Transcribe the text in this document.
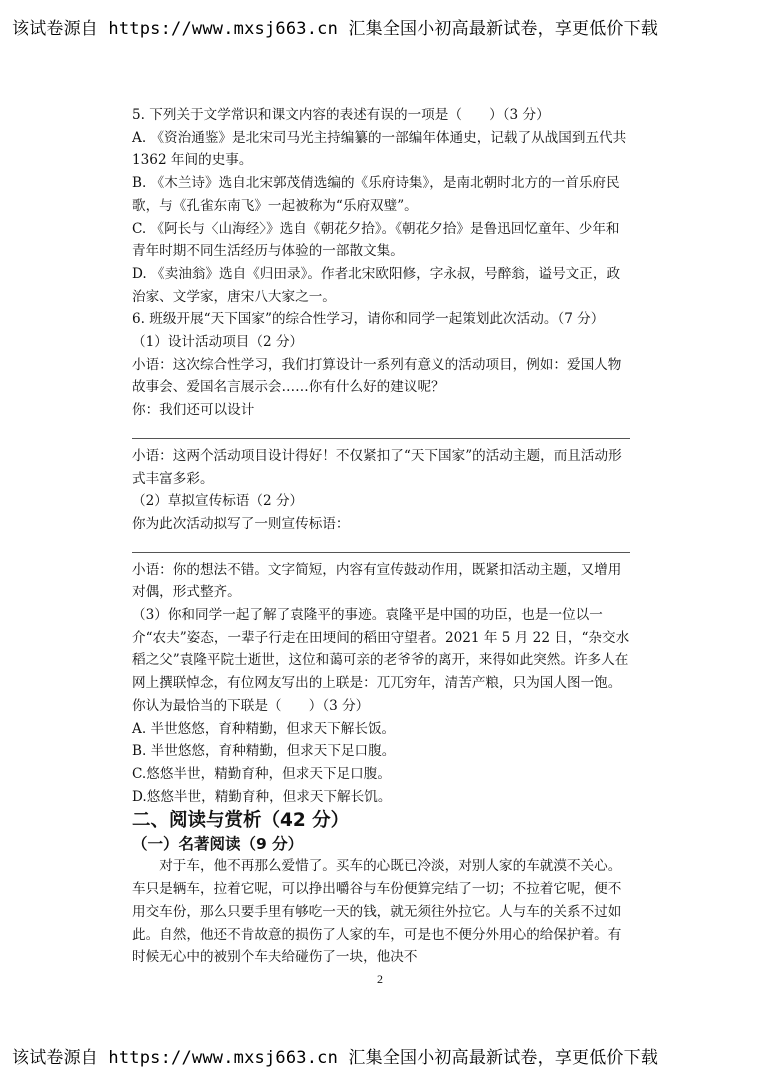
该试卷源自 https://www.mxsj663.cn 汇集全国小初高最新试卷，享更低价下载

5. 下列关于文学常识和课文内容的表述有误的一项是（　　）（3 分）

A. 《资治通鉴》是北宋司马光主持编纂的一部编年体通史，记载了从战国到五代共 1362 年间的史事。

B. 《木兰诗》选自北宋郭茂倩选编的《乐府诗集》，是南北朝时北方的一首乐府民歌，与《孔雀东南飞》一起被称为“乐府双璧”。

C. 《阿长与〈山海经〉》选自《朝花夕拾》。《朝花夕拾》是鲁迅回忆童年、少年和青年时期不同生活经历与体验的一部散文集。

D. 《卖油翁》选自《归田录》。作者北宋欧阳修，字永叔，号醉翁，谥号文正，政治家、文学家，唐宋八大家之一。

6. 班级开展“天下国家”的综合性学习，请你和同学一起策划此次活动。（7 分）

（1）设计活动项目（2 分）

小语：这次综合性学习，我们打算设计一系列有意义的活动项目，例如：爱国人物故事会、爱国名言展示会……你有什么好的建议呢？

你：我们还可以设计

小语：这两个活动项目设计得好！不仅紧扣了“天下国家”的活动主题，而且活动形式丰富多彩。

（2）草拟宣传标语（2 分）

你为此次活动拟写了一则宣传标语：

小语：你的想法不错。文字简短，内容有宣传鼓动作用，既紧扣活动主题，又增用对偶，形式整齐。

（3）你和同学一起了解了袁隆平的事迹。袁隆平是中国的功臣，也是一位以一介“农夫”姿态，一辈子行走在田埂间的稻田守望者。2021 年 5 月 22 日，“杂交水稻之父”袁隆平院士逝世，这位和蔼可亲的老爷爷的离开，来得如此突然。许多人在网上撰联悼念，有位网友写出的上联是：兀兀穷年，清苦产粮，只为国人图一饱。你认为最恰当的下联是（　　）（3 分）

A. 半世悠悠，育种精勤，但求天下解长饭。

B. 半世悠悠，育种精勤，但求天下足口腹。

C.悠悠半世，精勤育种，但求天下足口腹。

D.悠悠半世，精勤育种，但求天下解长饥。

二、阅读与赏析（42 分）
（一）名著阅读（9 分）

对于车，他不再那么爱惜了。买车的心既已冷淡，对别人家的车就漠不关心。车只是辆车，拉着它呢，可以挣出嚼谷与车份便算完结了一切；不拉着它呢，便不用交车份，那么只要手里有够吃一天的钱，就无须往外拉它。人与车的关系不过如此。自然，他还不肯故意的损伤了人家的车，可是也不便分外用心的给保护着。有时候无心中的被别个车夫给碰伤了一块，他决不

2
该试卷源自 https://www.mxsj663.cn 汇集全国小初高最新试卷，享更低价下载
